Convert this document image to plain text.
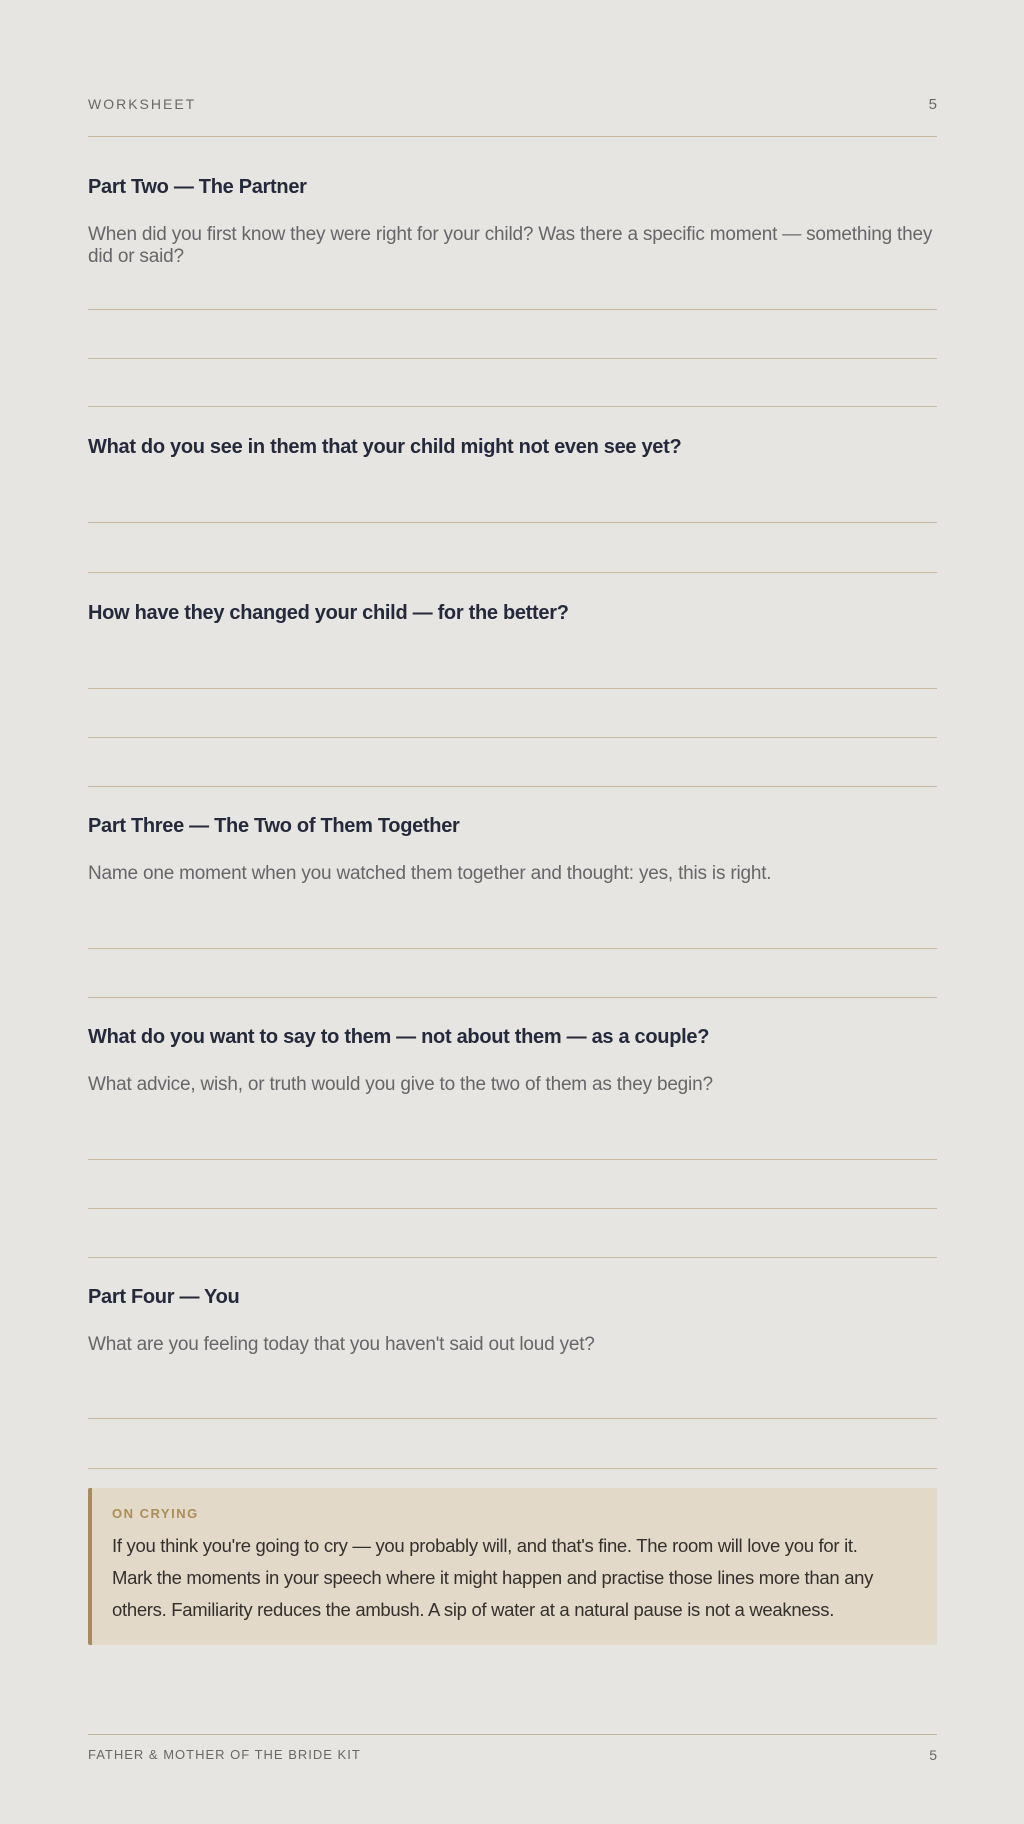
WORKSHEET	5
Part Two — The Partner
When did you first know they were right for your child? Was there a specific moment — something they did or said?
What do you see in them that your child might not even see yet?
How have they changed your child — for the better?
Part Three — The Two of Them Together
Name one moment when you watched them together and thought: yes, this is right.
What do you want to say to them — not about them — as a couple?
What advice, wish, or truth would you give to the two of them as they begin?
Part Four — You
What are you feeling today that you haven't said out loud yet?
ON CRYING
If you think you're going to cry — you probably will, and that's fine. The room will love you for it. Mark the moments in your speech where it might happen and practise those lines more than any others. Familiarity reduces the ambush. A sip of water at a natural pause is not a weakness.
FATHER & MOTHER OF THE BRIDE KIT	5
